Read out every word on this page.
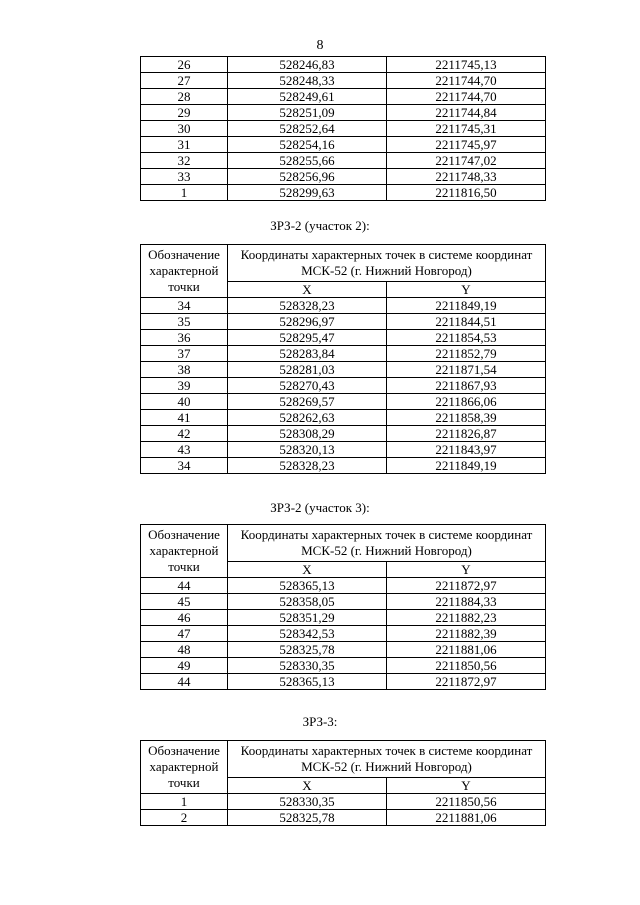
8
26	528246,83	2211745,13
27	528248,33	2211744,70
28	528249,61	2211744,70
29	528251,09	2211744,84
30	528252,64	2211745,31
31	528254,16	2211745,97
32	528255,66	2211747,02
33	528256,96	2211748,33
1	528299,63	2211816,50
ЗРЗ-2 (участок 2):
Обозначение характерной точки	Координаты характерных точек в системе координат МСК-52 (г. Нижний Новгород)	
	X	Y
34	528328,23	2211849,19
35	528296,97	2211844,51
36	528295,47	2211854,53
37	528283,84	2211852,79
38	528281,03	2211871,54
39	528270,43	2211867,93
40	528269,57	2211866,06
41	528262,63	2211858,39
42	528308,29	2211826,87
43	528320,13	2211843,97
34	528328,23	2211849,19
ЗРЗ-2 (участок 3):
Обозначение характерной точки	Координаты характерных точек в системе координат МСК-52 (г. Нижний Новгород)	
	X	Y
44	528365,13	2211872,97
45	528358,05	2211884,33
46	528351,29	2211882,23
47	528342,53	2211882,39
48	528325,78	2211881,06
49	528330,35	2211850,56
44	528365,13	2211872,97
ЗРЗ-3:
Обозначение характерной точки	Координаты характерных точек в системе координат МСК-52 (г. Нижний Новгород)	
	X	Y
1	528330,35	2211850,56
2	528325,78	2211881,06
